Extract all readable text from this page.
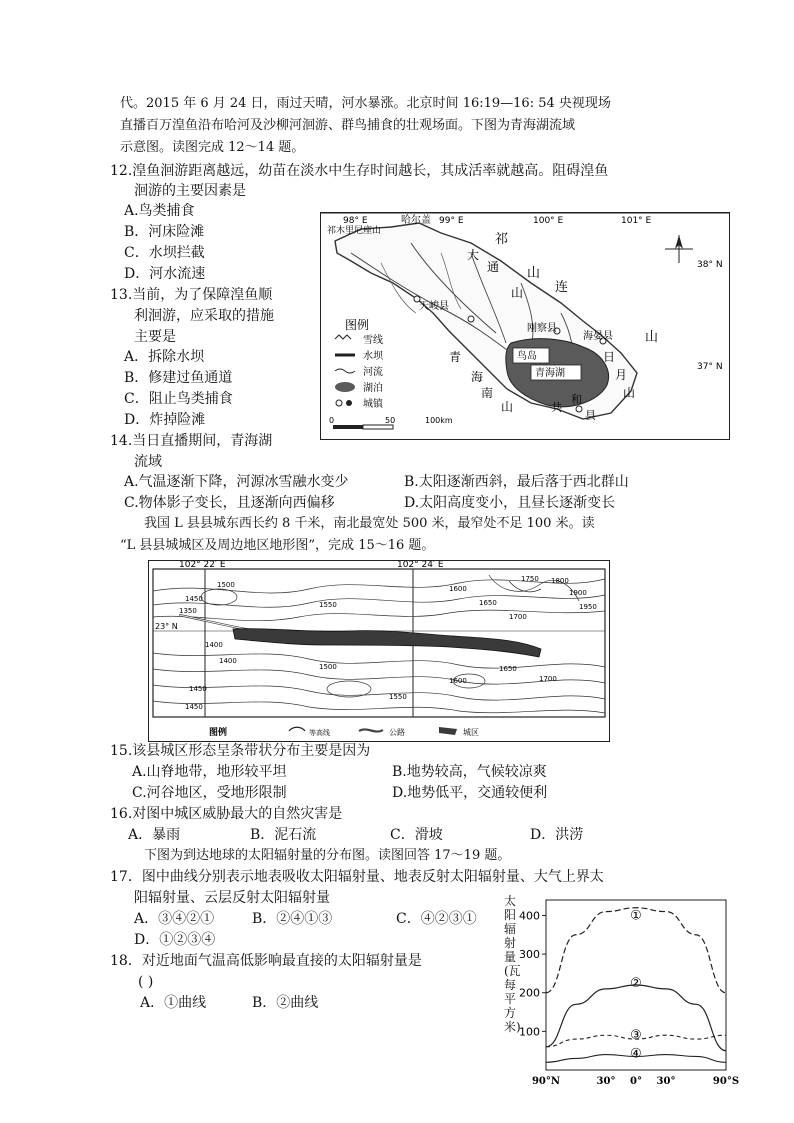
代。2015 年 6 月 24 日，雨过天晴，河水暴涨。北京时间 16:19—16: 54 央视现场
直播百万湟鱼沿布哈河及沙柳河洄游、群鸟捕食的壮观场面。下图为青海湖流域
示意图。读图完成 12～14 题。
12.湟鱼洄游距离越远，幼苗在淡水中生存时间越长，其成活率就越高。阻碍湟鱼
洄游的主要因素是
A.鸟类捕食
B．河床险滩
C．水坝拦截
D．河水流速
13.当前，为了保障湟鱼顺
利洄游，应采取的措施
主要是
A．拆除水坝
B．修建过鱼通道
C．阻止鸟类捕食
D．炸掉险滩
14.当日直播期间，青海湖
流域
A.气温逐渐下降，河源冰雪融水变少	B.太阳逐渐西斜，最后落于西北群山
C.物体影子变长，且逐渐向西偏移	D.太阳高度变小，且昼长逐渐变长
鸟岛
青海湖
祁木里尼座山
哈尔盖
天峻县
刚察县
海晏县
祁
连
山
山
大
通
山
日
月
山
青
海
南
山	共
县
和
98° E	99° E	100° E	101° E
38° N
37° N
图例
雪线
水坝
河流
湖泊
城镇
0	50	100km
我国 L 县县城东西长约 8 千米，南北最宽处 500 米，最窄处不足 100 米。读
“L 县县城城区及周边地区地形图”，完成 15～16 题。
102° 22′ E	102° 24′ E
23° N
1500
1450
1400
1350
1550
1600
1650
1700
1750 1800
1900
1950
1450
1400
1500
1600
1650
1700
1550
1450
图例	等高线	公路	城区
15.该县城区形态呈条带状分布主要是因为
A.山脊地带，地形较平坦	B.地势较高，气候较凉爽
C.河谷地区，受地形限制	D.地势低平，交通较便利
16.对图中城区威胁最大的自然灾害是
A．暴雨	B．泥石流	C．滑坡	D．洪涝
下图为到达地球的太阳辐射量的分布图。读图回答 17～19 题。
17．图中曲线分别表示地表吸收太阳辐射量、地表反射太阳辐射量、大气上界太
阳辐射量、云层反射太阳辐射量
A．③④②①	B．②④①③	C．④②③①
D．①②③④
18．对近地面气温高低影响最直接的太阳辐射量是
( )
A．①曲线	B．②曲线
①
②
③
④
100
200
300
400
90°N	30° 0° 30°	90°S
太阳辐射量(瓦每平方米)
